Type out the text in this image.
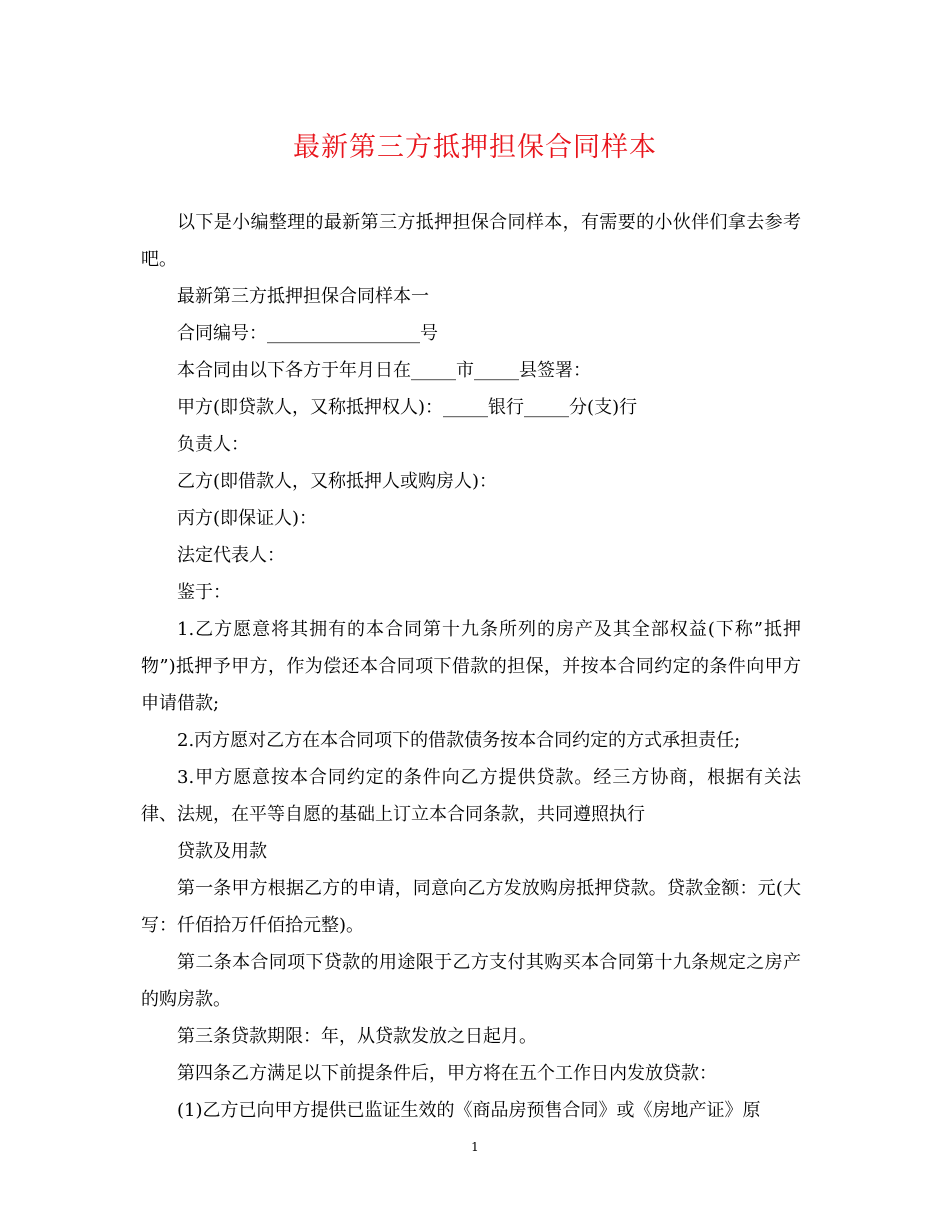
最新第三方抵押担保合同样本

以下是小编整理的最新第三方抵押担保合同样本，有需要的小伙伴们拿去参考吧。

最新第三方抵押担保合同样本一

合同编号：_________________号

本合同由以下各方于年月日在_____市_____县签署：

甲方(即贷款人，又称抵押权人)：_____银行_____分(支)行

负责人：

乙方(即借款人，又称抵押人或购房人)：

丙方(即保证人)：

法定代表人：

鉴于：

1.乙方愿意将其拥有的本合同第十九条所列的房产及其全部权益(下称”抵押物”)抵押予甲方，作为偿还本合同项下借款的担保，并按本合同约定的条件向甲方申请借款;

2.丙方愿对乙方在本合同项下的借款债务按本合同约定的方式承担责任;

3.甲方愿意按本合同约定的条件向乙方提供贷款。经三方协商，根据有关法律、法规，在平等自愿的基础上订立本合同条款，共同遵照执行

贷款及用款

第一条甲方根据乙方的申请，同意向乙方发放购房抵押贷款。贷款金额：元(大写：仟佰拾万仟佰拾元整)。

第二条本合同项下贷款的用途限于乙方支付其购买本合同第十九条规定之房产的购房款。

第三条贷款期限：年，从贷款发放之日起月。

第四条乙方满足以下前提条件后，甲方将在五个工作日内发放贷款：

(1)乙方已向甲方提供已监证生效的《商品房预售合同》或《房地产证》原

1
